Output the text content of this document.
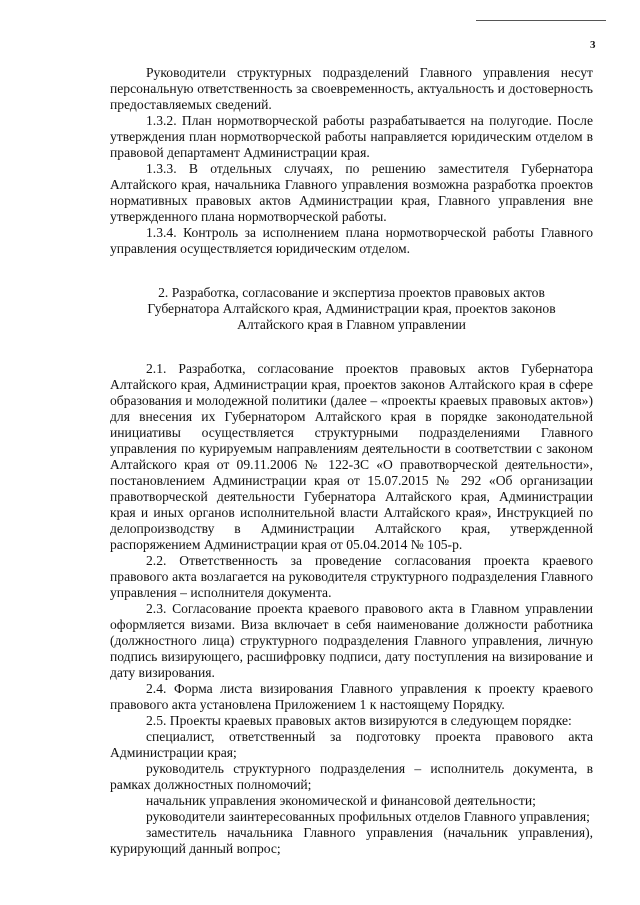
3

Руководители структурных подразделений Главного управления несут персональную ответственность за своевременность, актуальность и достоверность предоставляемых сведений.

1.3.2. План нормотворческой работы разрабатывается на полугодие. После утверждения план нормотворческой работы направляется юридическим отделом в правовой департамент Администрации края.

1.3.3. В отдельных случаях, по решению заместителя Губернатора Алтайского края, начальника Главного управления возможна разработка проектов нормативных правовых актов Администрации края, Главного управления вне утвержденного плана нормотворческой работы.

1.3.4. Контроль за исполнением плана нормотворческой работы Главного управления осуществляется юридическим отделом.

2. Разработка, согласование и экспертиза проектов правовых актов Губернатора Алтайского края, Администрации края, проектов законов Алтайского края в Главном управлении

2.1. Разработка, согласование проектов правовых актов Губернатора Алтайского края, Администрации края, проектов законов Алтайского края в сфере образования и молодежной политики (далее – «проекты краевых правовых актов») для внесения их Губернатором Алтайского края в порядке законодательной инициативы осуществляется структурными подразделениями Главного управления по курируемым направлениям деятельности в соответствии с законом Алтайского края от 09.11.2006 № 122-ЗС «О правотворческой деятельности», постановлением Администрации края от 15.07.2015 № 292 «Об организации правотворческой деятельности Губернатора Алтайского края, Администрации края и иных органов исполнительной власти Алтайского края», Инструкцией по делопроизводству в Администрации Алтайского края, утвержденной распоряжением Администрации края от 05.04.2014 № 105-р.

2.2. Ответственность за проведение согласования проекта краевого правового акта возлагается на руководителя структурного подразделения Главного управления – исполнителя документа.

2.3. Согласование проекта краевого правового акта в Главном управлении оформляется визами. Виза включает в себя наименование должности работника (должностного лица) структурного подразделения Главного управления, личную подпись визирующего, расшифровку подписи, дату поступления на визирование и дату визирования.

2.4. Форма листа визирования Главного управления к проекту краевого правового акта установлена Приложением 1 к настоящему Порядку.

2.5. Проекты краевых правовых актов визируются в следующем порядке:

специалист, ответственный за подготовку проекта правового акта Администрации края;

руководитель структурного подразделения – исполнитель документа, в рамках должностных полномочий;

начальник управления экономической и финансовой деятельности;

руководители заинтересованных профильных отделов Главного управления;

заместитель начальника Главного управления (начальник управления), курирующий данный вопрос;
